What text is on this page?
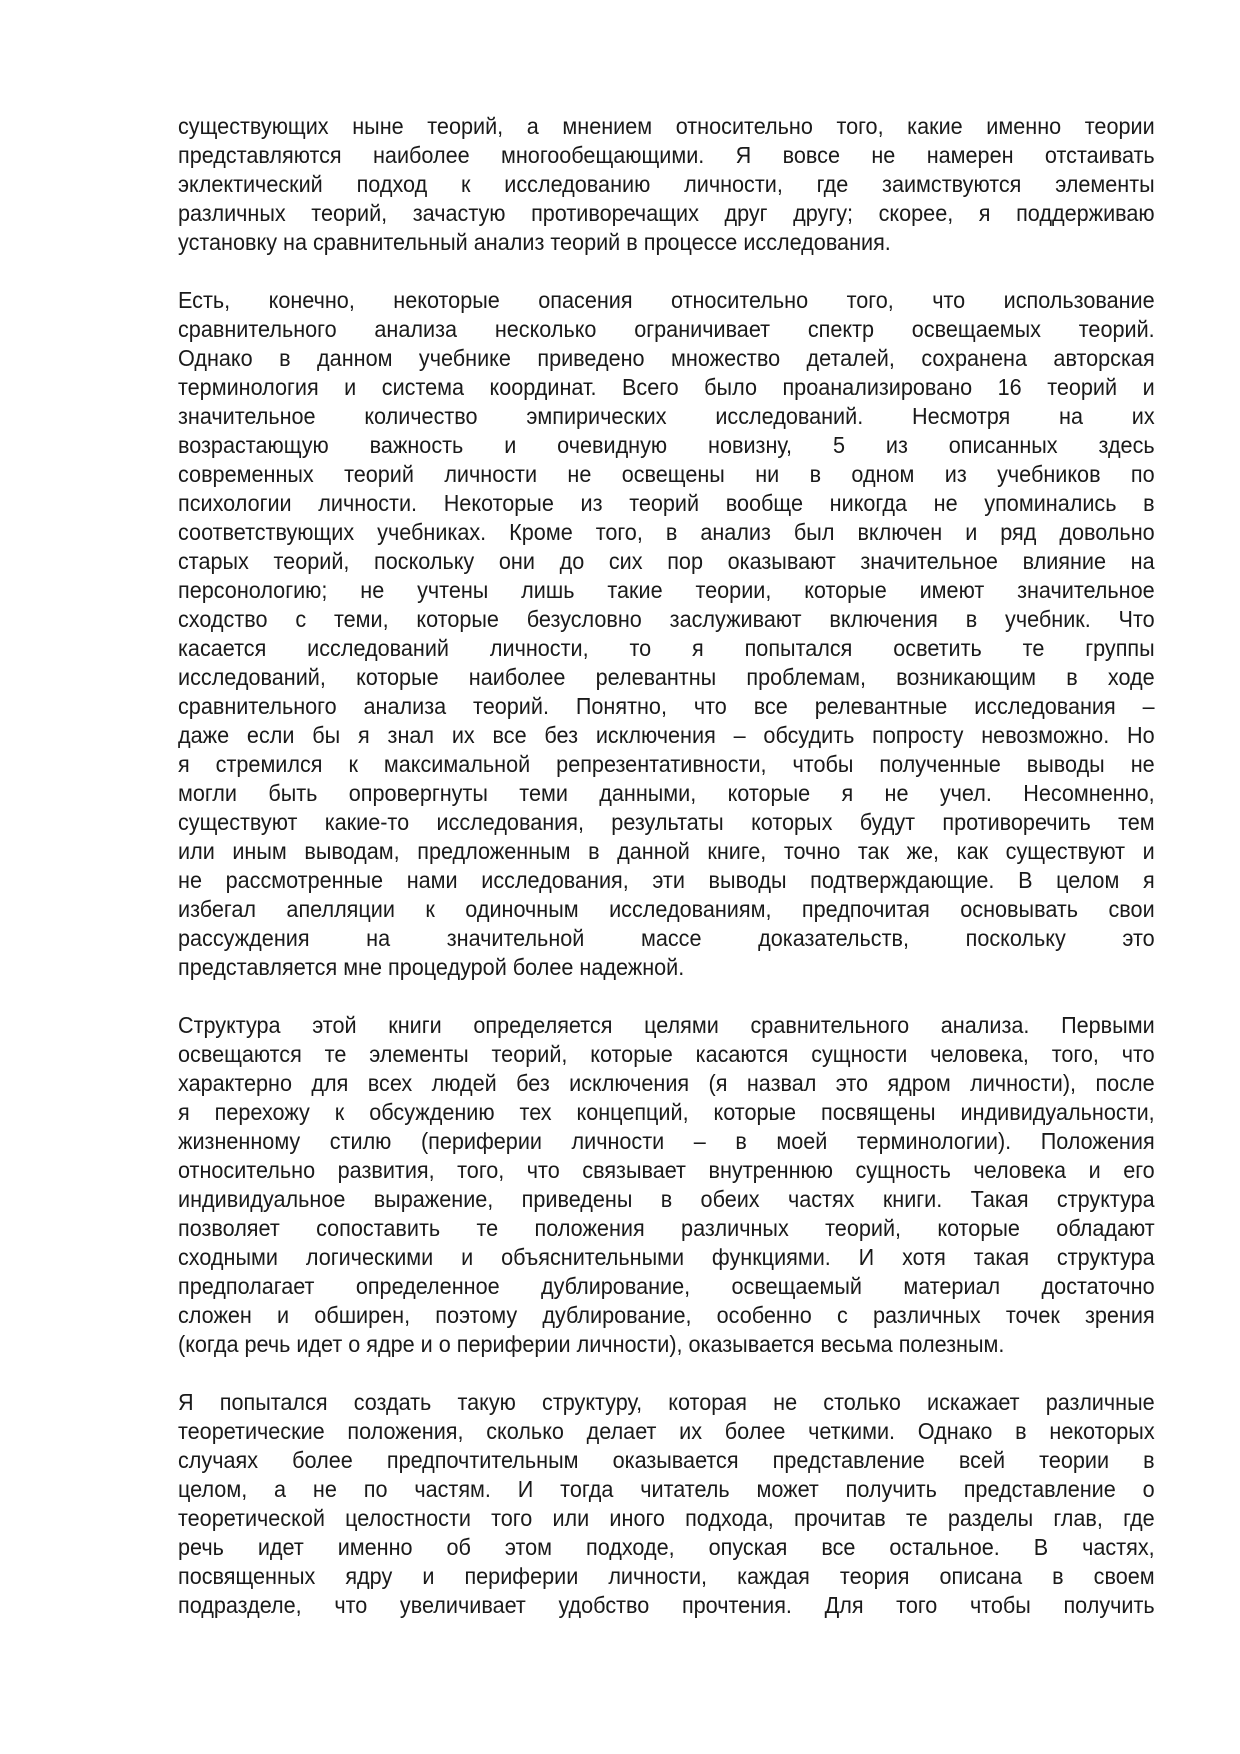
существующих ныне теорий, а мнением относительно того, какие именно теории
представляются наиболее многообещающими. Я вовсе не намерен отстаивать
эклектический подход к исследованию личности, где заимствуются элементы
различных теорий, зачастую противоречащих друг другу; скорее, я поддерживаю
установку на сравнительный анализ теорий в процессе исследования.
Есть, конечно, некоторые опасения относительно того, что использование
сравнительного анализа несколько ограничивает спектр освещаемых теорий.
Однако в данном учебнике приведено множество деталей, сохранена авторская
терминология и система координат. Всего было проанализировано 16 теорий и
значительное количество эмпирических исследований. Несмотря на их
возрастающую важность и очевидную новизну, 5 из описанных здесь
современных теорий личности не освещены ни в одном из учебников по
психологии личности. Некоторые из теорий вообще никогда не упоминались в
соответствующих учебниках. Кроме того, в анализ был включен и ряд довольно
старых теорий, поскольку они до сих пор оказывают значительное влияние на
персонологию; не учтены лишь такие теории, которые имеют значительное
сходство с теми, которые безусловно заслуживают включения в учебник. Что
касается исследований личности, то я попытался осветить те группы
исследований, которые наиболее релевантны проблемам, возникающим в ходе
сравнительного анализа теорий. Понятно, что все релевантные исследования –
даже если бы я знал их все без исключения – обсудить попросту невозможно. Но
я стремился к максимальной репрезентативности, чтобы полученные выводы не
могли быть опровергнуты теми данными, которые я не учел. Несомненно,
существуют какие-то исследования, результаты которых будут противоречить тем
или иным выводам, предложенным в данной книге, точно так же, как существуют и
не рассмотренные нами исследования, эти выводы подтверждающие. В целом я
избегал апелляции к одиночным исследованиям, предпочитая основывать свои
рассуждения на значительной массе доказательств, поскольку это
представляется мне процедурой более надежной.
Структура этой книги определяется целями сравнительного анализа. Первыми
освещаются те элементы теорий, которые касаются сущности человека, того, что
характерно для всех людей без исключения (я назвал это ядром личности), после
я перехожу к обсуждению тех концепций, которые посвящены индивидуальности,
жизненному стилю (периферии личности – в моей терминологии). Положения
относительно развития, того, что связывает внутреннюю сущность человека и его
индивидуальное выражение, приведены в обеих частях книги. Такая структура
позволяет сопоставить те положения различных теорий, которые обладают
сходными логическими и объяснительными функциями. И хотя такая структура
предполагает определенное дублирование, освещаемый материал достаточно
сложен и обширен, поэтому дублирование, особенно с различных точек зрения
(когда речь идет о ядре и о периферии личности), оказывается весьма полезным.
Я попытался создать такую структуру, которая не столько искажает различные
теоретические положения, сколько делает их более четкими. Однако в некоторых
случаях более предпочтительным оказывается представление всей теории в
целом, а не по частям. И тогда читатель может получить представление о
теоретической целостности того или иного подхода, прочитав те разделы глав, где
речь идет именно об этом подходе, опуская все остальное. В частях,
посвященных ядру и периферии личности, каждая теория описана в своем
подразделе, что увеличивает удобство прочтения. Для того чтобы получить
